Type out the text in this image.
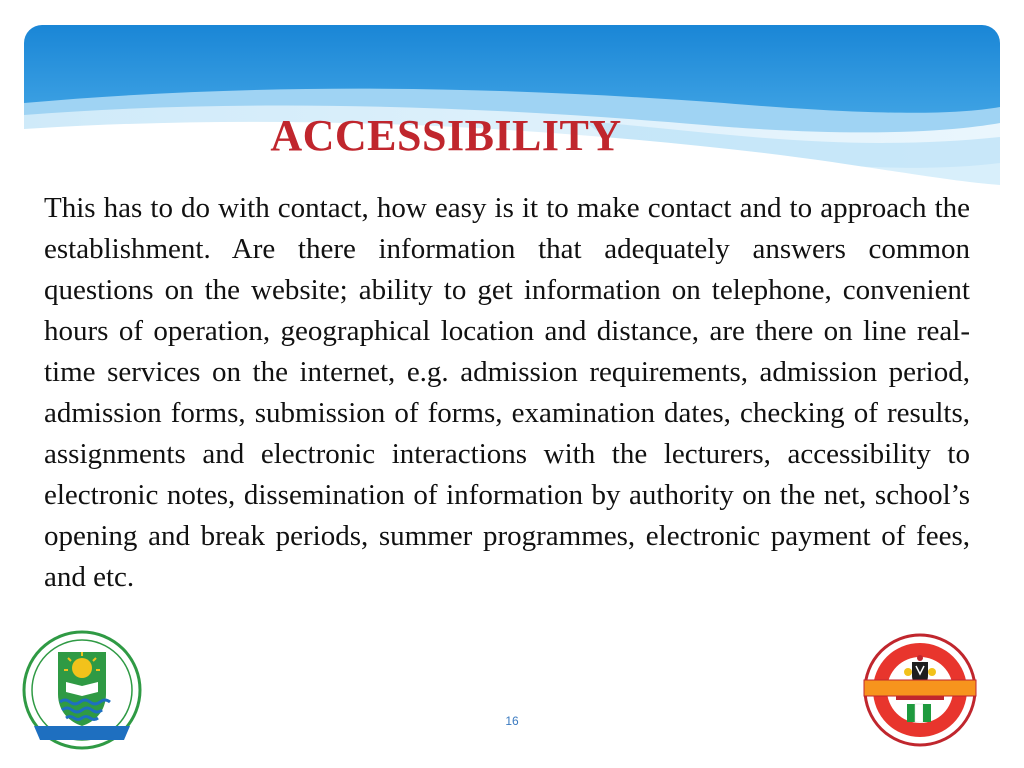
ACCESSIBILITY

This has to do with contact, how easy is it to make contact and to approach the establishment. Are there information that adequately answers common questions on the website; ability to get information on telephone, convenient hours of operation, geographical location and distance, are there on line real-time services on the internet, e.g. admission requirements, admission period, admission forms, submission of forms, examination dates, checking of results, assignments and electronic interactions with the lecturers, accessibility to electronic notes, dissemination of information by authority on the net, school’s opening and break periods, summer programmes, electronic payment of fees, and etc.

16
